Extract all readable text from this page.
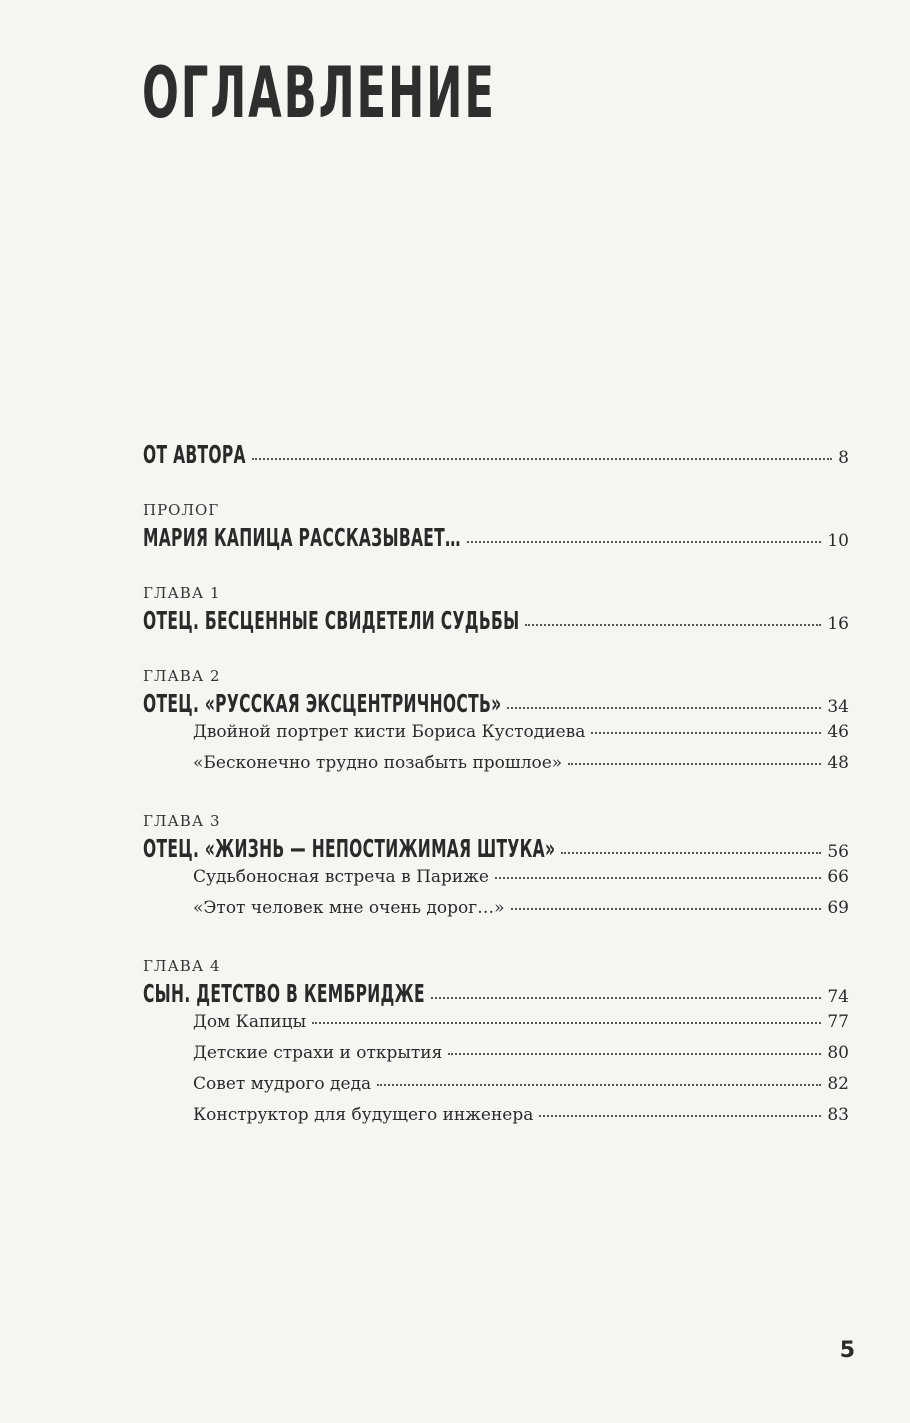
ОГЛАВЛЕНИЕ
ОТ АВТОРА	8
ПРОЛОГ
МАРИЯ КАПИЦА РАССКАЗЫВАЕТ…	10
ГЛАВА 1
ОТЕЦ. БЕСЦЕННЫЕ СВИДЕТЕЛИ СУДЬБЫ	16
ГЛАВА 2
ОТЕЦ. «РУССКАЯ ЭКСЦЕНТРИЧНОСТЬ»	34
Двойной портрет кисти Бориса Кустодиева	46
«Бесконечно трудно позабыть прошлое»	48
ГЛАВА 3
ОТЕЦ. «ЖИЗНЬ — НЕПОСТИЖИМАЯ ШТУКА»	56
Судьбоносная встреча в Париже	66
«Этот человек мне очень дорог…»	69
ГЛАВА 4
СЫН. ДЕТСТВО В КЕМБРИДЖЕ	74
Дом Капицы	77
Детские страхи и открытия	80
Совет мудрого деда	82
Конструктор для будущего инженера	83
5
